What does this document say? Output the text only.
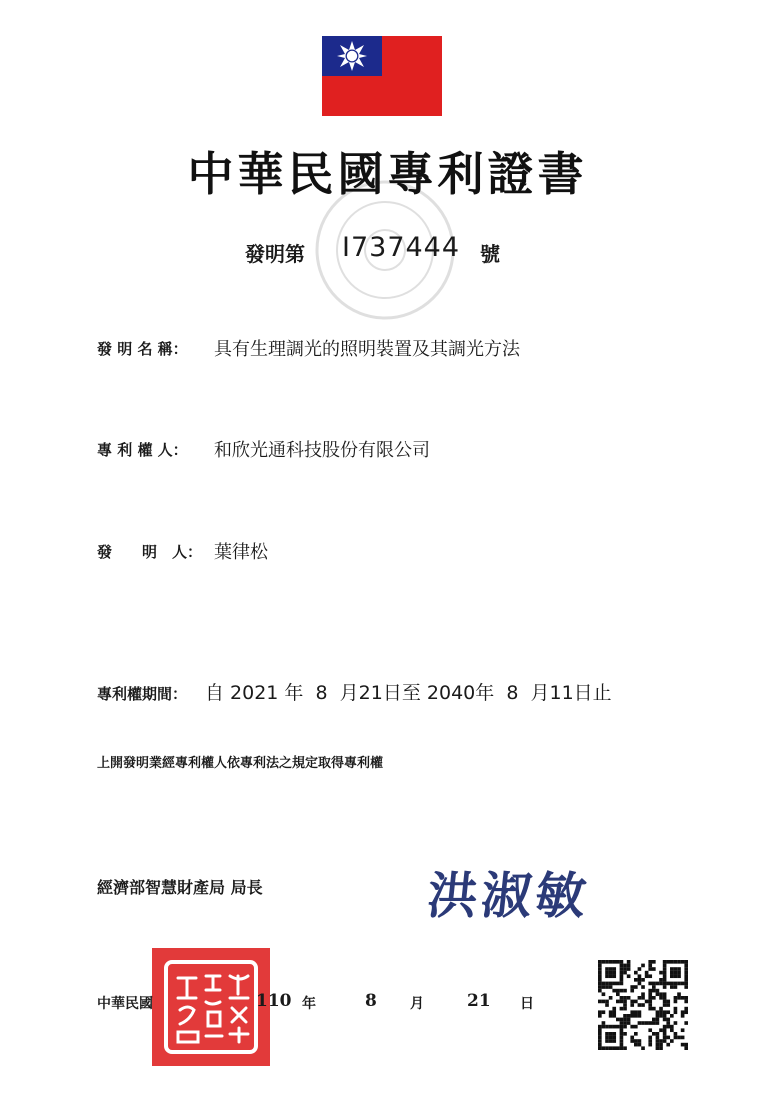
中華民國專利證書
發明第 I737444 號
發 明 名 稱： 具有生理調光的照明裝置及其調光方法
專 利 權 人： 和欣光通科技股份有限公司
發　　明　人： 葉律松
專利權期間： 自 2021 年  8  月21日至 2040年  8  月11日止
上開發明業經專利權人依專利法之規定取得專利權
經濟部智慧財產局 局長	洪淑敏
中華民國	110 年	8 月	21 日
